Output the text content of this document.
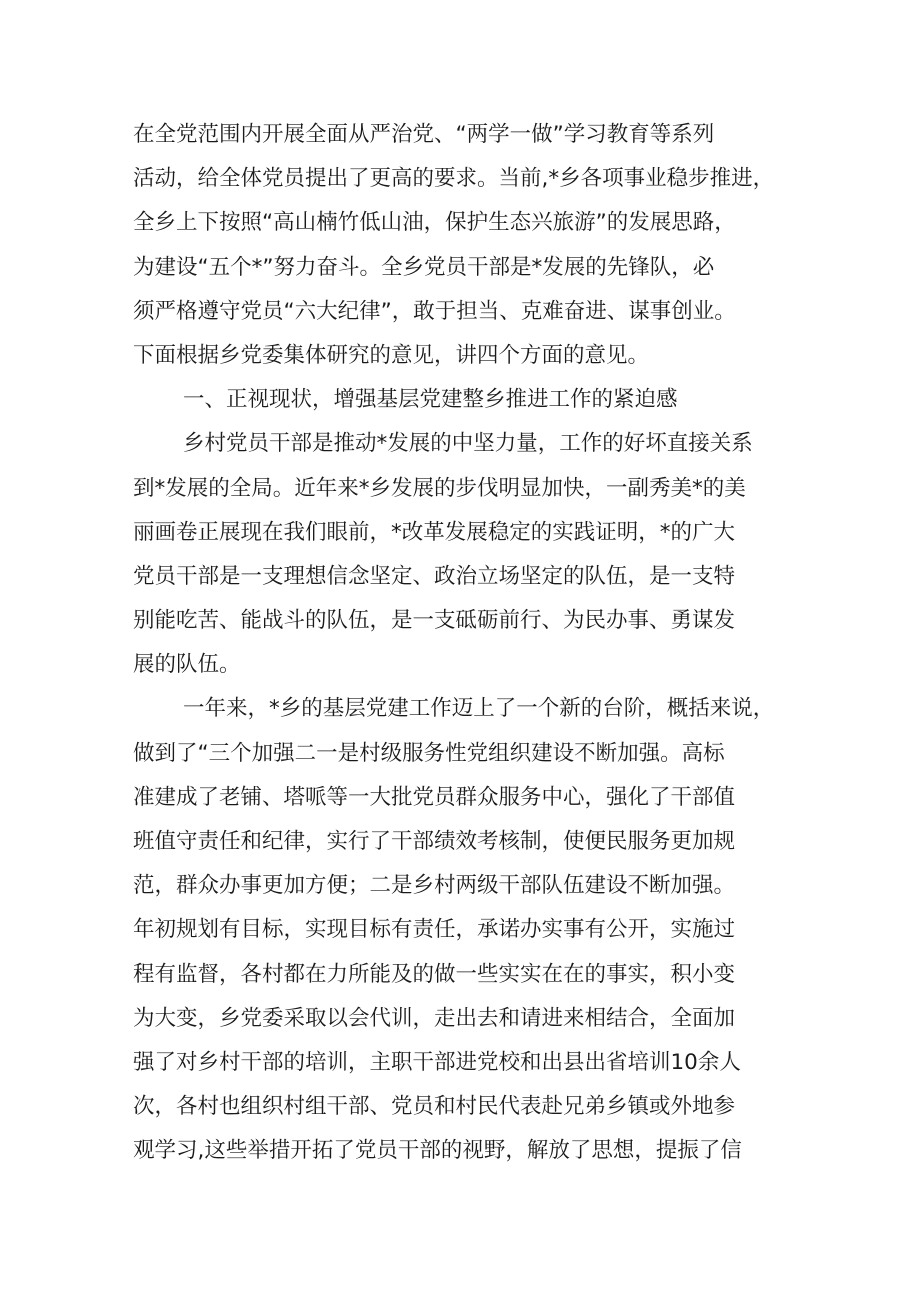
在全党范围内开展全面从严治党、“两学一做”学习教育等系列
活动，给全体党员提出了更高的要求。当前,*乡各项事业稳步推进，
全乡上下按照“高山楠竹低山油，保护生态兴旅游”的发展思路，
为建设“五个*”努力奋斗。全乡党员干部是*发展的先锋队，必
须严格遵守党员“六大纪律”，敢于担当、克难奋进、谋事创业。
下面根据乡党委集体研究的意见，讲四个方面的意见。

一、正视现状，增强基层党建整乡推进工作的紧迫感

乡村党员干部是推动*发展的中坚力量，工作的好坏直接关系
到*发展的全局。近年来*乡发展的步伐明显加快，一副秀美*的美
丽画卷正展现在我们眼前，*改革发展稳定的实践证明，*的广大
党员干部是一支理想信念坚定、政治立场坚定的队伍，是一支特
别能吃苦、能战斗的队伍，是一支砥砺前行、为民办事、勇谋发
展的队伍。

一年来，*乡的基层党建工作迈上了一个新的台阶，概括来说，
做到了“三个加强二一是村级服务性党组织建设不断加强。高标
准建成了老铺、塔哌等一大批党员群众服务中心，强化了干部值
班值守责任和纪律，实行了干部绩效考核制，使便民服务更加规
范，群众办事更加方便；二是乡村两级干部队伍建设不断加强。
年初规划有目标，实现目标有责任，承诺办实事有公开，实施过
程有监督，各村都在力所能及的做一些实实在在的事实，积小变
为大变，乡党委采取以会代训，走出去和请进来相结合，全面加
强了对乡村干部的培训，主职干部进党校和出县出省培训10余人
次，各村也组织村组干部、党员和村民代表赴兄弟乡镇或外地参
观学习,这些举措开拓了党员干部的视野，解放了思想，提振了信
